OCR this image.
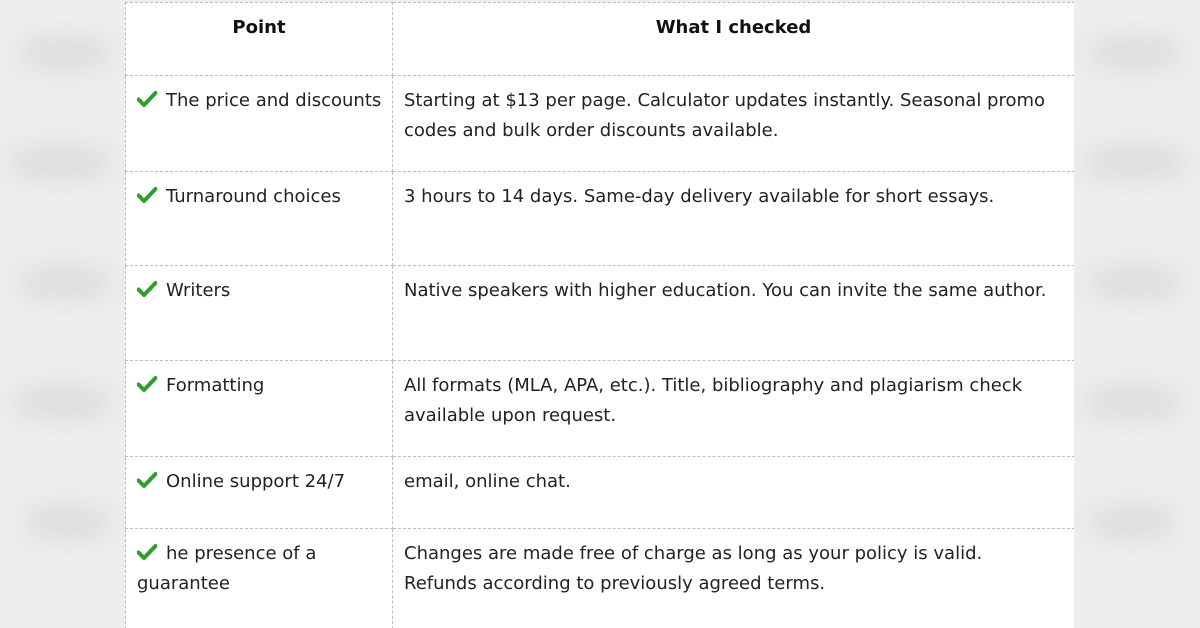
Point	What I checked

The price and discounts	Starting at $13 per page. Calculator updates instantly. Seasonal promo codes and bulk order discounts available.

Turnaround choices	3 hours to 14 days. Same-day delivery available for short essays.

Writers	Native speakers with higher education. You can invite the same author.

Formatting	All formats (MLA, APA, etc.). Title, bibliography and plagiarism check available upon request.

Online support 24/7	email, online chat.

he presence of a guarantee	Changes are made free of charge as long as your policy is valid. Refunds according to previously agreed terms.
